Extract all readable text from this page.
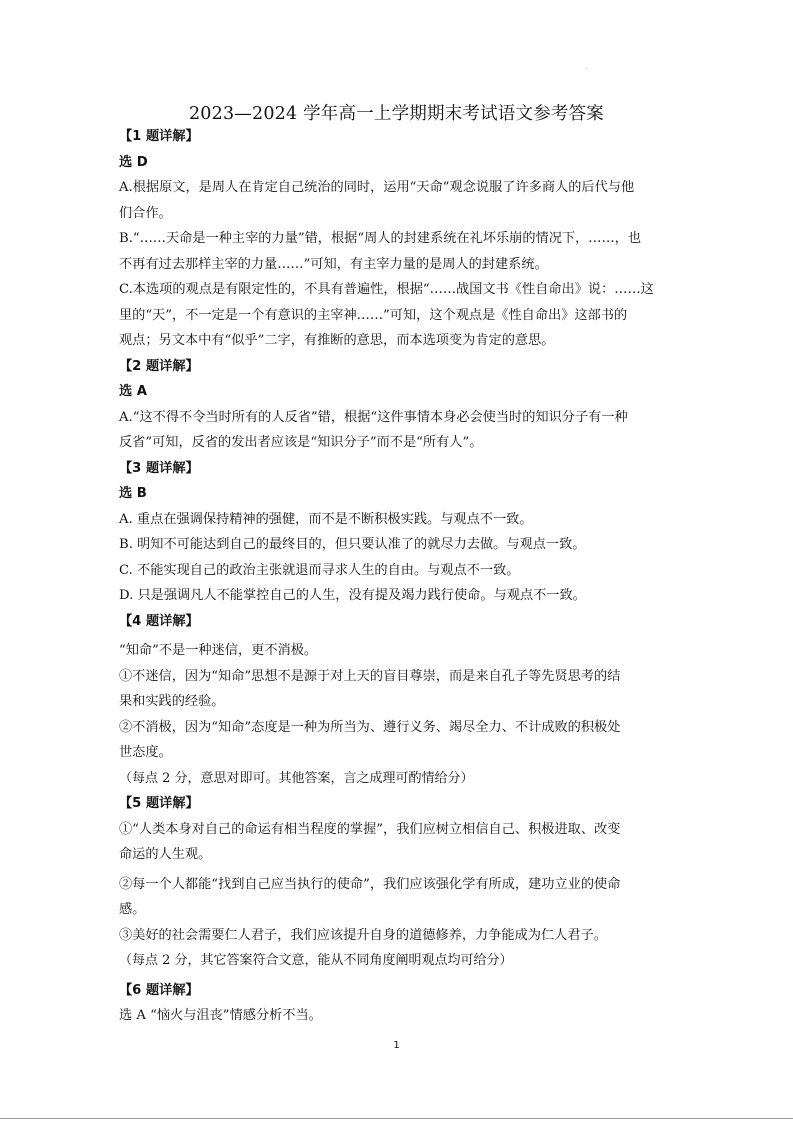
.
2023—2024 学年高一上学期期末考试语文参考答案
【1 题详解】
选 D
A.根据原文，是周人在肯定自己统治的同时，运用“天命”观念说服了许多商人的后代与他
们合作。
B.“……天命是一种主宰的力量”错，根据“周人的封建系统在礼坏乐崩的情况下，……，也
不再有过去那样主宰的力量……”可知，有主宰力量的是周人的封建系统。
C.本选项的观点是有限定性的，不具有普遍性，根据“……战国文书《性自命出》说：……这
里的“天”，不一定是一个有意识的主宰神……”可知，这个观点是《性自命出》这部书的
观点；另文本中有“似乎”二字，有推断的意思，而本选项变为肯定的意思。
【2 题详解】
选 A
A.“这不得不令当时所有的人反省”错，根据“这件事情本身必会使当时的知识分子有一种
反省”可知，反省的发出者应该是“知识分子”而不是“所有人”。
【3 题详解】
选 B
A. 重点在强调保持精神的强健，而不是不断积极实践。与观点不一致。
B. 明知不可能达到自己的最终目的，但只要认准了的就尽力去做。与观点一致。
C. 不能实现自己的政治主张就退而寻求人生的自由。与观点不一致。
D. 只是强调凡人不能掌控自己的人生，没有提及竭力践行使命。与观点不一致。
【4 题详解】
“知命”不是一种迷信，更不消极。
①不迷信，因为“知命”思想不是源于对上天的盲目尊崇，而是来自孔子等先贤思考的结
果和实践的经验。
②不消极，因为“知命”态度是一种为所当为、遵行义务、竭尽全力、不计成败的积极处
世态度。
（每点 2 分，意思对即可。其他答案，言之成理可酌情给分）
【5 题详解】
①“人类本身对自己的命运有相当程度的掌握”，我们应树立相信自己、积极进取、改变
命运的人生观。
②每一个人都能“找到自己应当执行的使命”，我们应该强化学有所成，建功立业的使命
感。
③美好的社会需要仁人君子，我们应该提升自身的道德修养，力争能成为仁人君子。
（每点 2 分，其它答案符合文意，能从不同角度阐明观点均可给分）
【6 题详解】
选 A “恼火与沮丧”情感分析不当。
1
